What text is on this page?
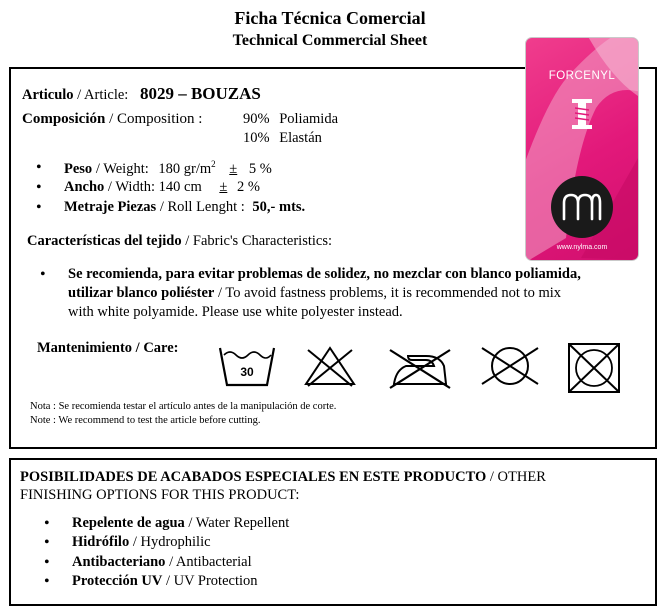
Ficha Técnica Comercial
Technical Commercial Sheet
Articulo / Article: 8029 – BOUZAS
Composición / Composition :	90% Poliamida
10% Elastán
• Peso / Weight: 180 $gr/m^2 \pm 5$ %
• Ancho / Width: 140 cm ± 2 %
• Metraje Piezas / Roll Lenght : 50,- mts.
Características del tejido / Fabric's Characteristics:
• Se recomienda, para evitar problemas de solidez, no mezclar con blanco poliamida,
utilizar blanco poliéster / To avoid fastness problems, it is recommended not to mix
with white polyamide. Please use white polyester instead.
Mantenimiento / Care:
30
Nota : Se recomienda testar el artículo antes de la manipulación de corte.
Note : We recommend to test the article before cutting.
FORCENYL
www.nylma.com
POSIBILIDADES DE ACABADOS ESPECIALES EN ESTE PRODUCTO / OTHER
FINISHING OPTIONS FOR THIS PRODUCT:
• Repelente de agua / Water Repellent
• Hidrófilo / Hydrophilic
• Antibacteriano / Antibacterial
• Protección UV / UV Protection
